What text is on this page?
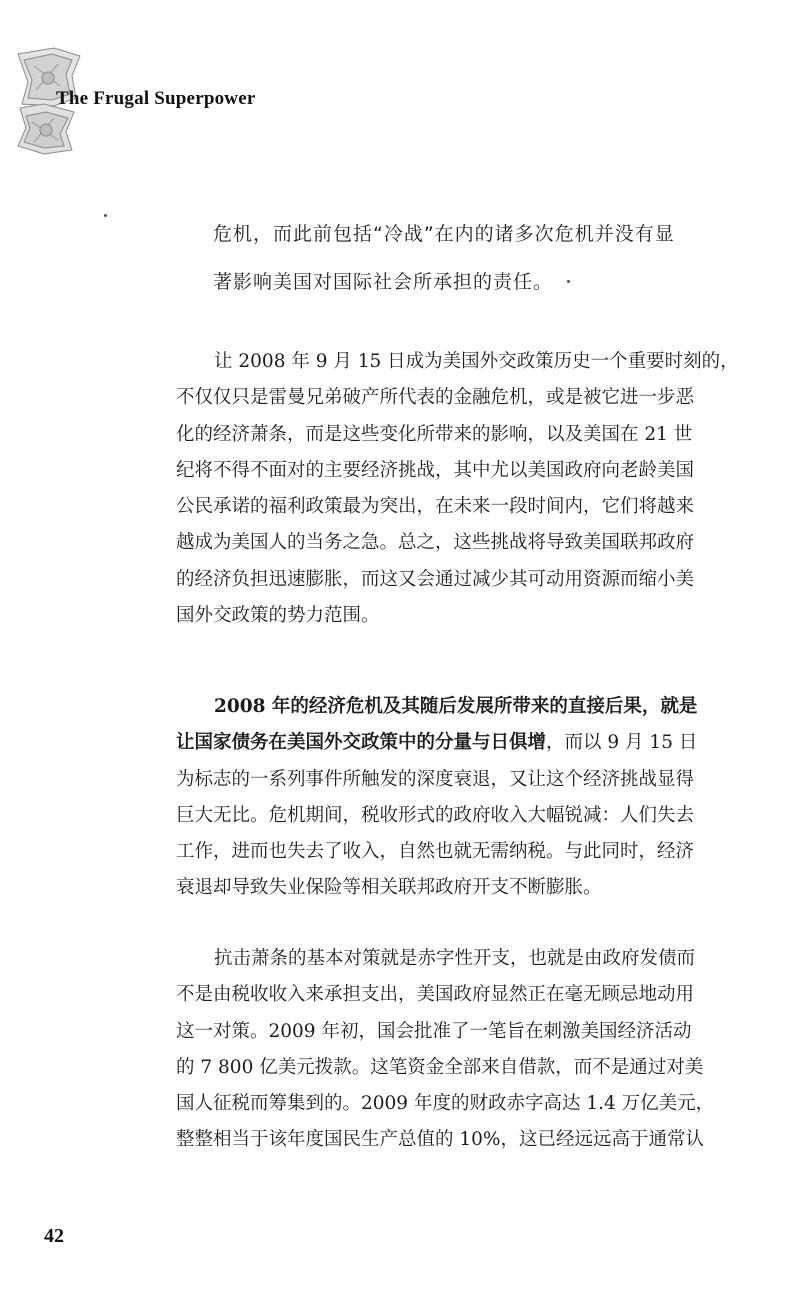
The Frugal Superpower
危机，而此前包括“冷战”在内的诸多次危机并没有显
著影响美国对国际社会所承担的责任。
让 2008 年 9 月 15 日成为美国外交政策历史一个重要时刻的，
不仅仅只是雷曼兄弟破产所代表的金融危机，或是被它进一步恶
化的经济萧条，而是这些变化所带来的影响，以及美国在 21 世
纪将不得不面对的主要经济挑战，其中尤以美国政府向老龄美国
公民承诺的福利政策最为突出，在未来一段时间内，它们将越来
越成为美国人的当务之急。总之，这些挑战将导致美国联邦政府
的经济负担迅速膨胀，而这又会通过减少其可动用资源而缩小美
国外交政策的势力范围。
2008 年的经济危机及其随后发展所带来的直接后果，就是
让国家债务在美国外交政策中的分量与日俱增，而以 9 月 15 日
为标志的一系列事件所触发的深度衰退，又让这个经济挑战显得
巨大无比。危机期间，税收形式的政府收入大幅锐减：人们失去
工作，进而也失去了收入，自然也就无需纳税。与此同时，经济
衰退却导致失业保险等相关联邦政府开支不断膨胀。
抗击萧条的基本对策就是赤字性开支，也就是由政府发债而
不是由税收收入来承担支出，美国政府显然正在毫无顾忌地动用
这一对策。2009 年初，国会批准了一笔旨在刺激美国经济活动
的 7 800 亿美元拨款。这笔资金全部来自借款，而不是通过对美
国人征税而筹集到的。2009 年度的财政赤字高达 1.4 万亿美元，
整整相当于该年度国民生产总值的 10%，这已经远远高于通常认
42
